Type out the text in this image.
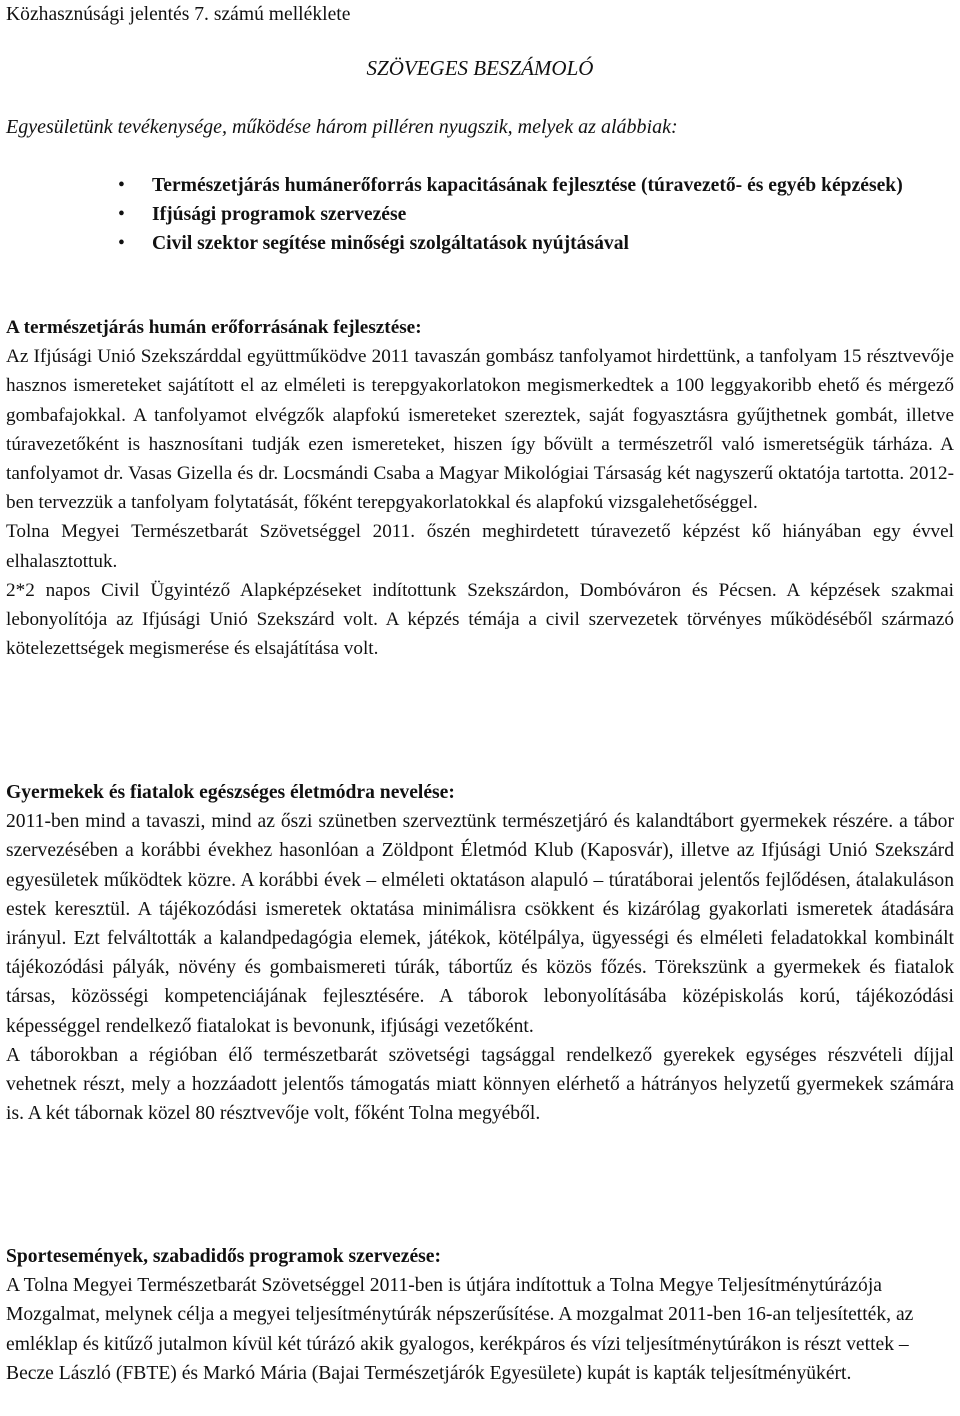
Közhasznúsági jelentés 7. számú melléklete
SZÖVEGES BESZÁMOLÓ
Egyesületünk tevékenysége, működése három pilléren nyugszik, melyek az alábbiak:
• Természetjárás humánerőforrás kapacitásának fejlesztése (túravezető- és egyéb képzések)
• Ifjúsági programok szervezése
• Civil szektor segítése minőségi szolgáltatások nyújtásával
A természetjárás humán erőforrásának fejlesztése:

Az Ifjúsági Unió Szekszárddal együttműködve 2011 tavaszán gombász tanfolyamot hirdettünk, a tanfolyam 15 résztvevője hasznos ismereteket sajátított el az elméleti is terepgyakorlatokon megismerkedtek a 100 leggyakoribb ehető és mérgező gombafajokkal. A tanfolyamot elvégzők alapfokú ismereteket szereztek, saját fogyasztásra gyűjthetnek gombát, illetve túravezetőként is hasznosítani tudják ezen ismereteket, hiszen így bővült a természetről való ismeretségük tárháza. A tanfolyamot dr. Vasas Gizella és dr. Locsmándi Csaba a Magyar Mikológiai Társaság két nagyszerű oktatója tartotta. 2012-ben tervezzük a tanfolyam folytatását, főként terepgyakorlatokkal és alapfokú vizsgalehetőséggel.

Tolna Megyei Természetbarát Szövetséggel 2011. őszén meghirdetett túravezető képzést kő hiányában egy évvel elhalasztottuk.

2*2 napos Civil Ügyintéző Alapképzéseket indítottunk Szekszárdon, Dombóváron és Pécsen. A képzések szakmai lebonyolítója az Ifjúsági Unió Szekszárd volt. A képzés témája a civil szervezetek törvényes működéséből származó kötelezettségek megismerése és elsajátítása volt.

Gyermekek és fiatalok egészséges életmódra nevelése:

2011-ben mind a tavaszi, mind az őszi szünetben szerveztünk természetjáró és kalandtábort gyermekek részére. a tábor szervezésében a korábbi évekhez hasonlóan a Zöldpont Életmód Klub (Kaposvár), illetve az Ifjúsági Unió Szekszárd egyesületek működtek közre. A korábbi évek – elméleti oktatáson alapuló – túratáborai jelentős fejlődésen, átalakuláson estek keresztül. A tájékozódási ismeretek oktatása minimálisra csökkent és kizárólag gyakorlati ismeretek átadására irányul. Ezt felváltották a kalandpedagógia elemek, játékok, kötélpálya, ügyességi és elméleti feladatokkal kombinált tájékozódási pályák, növény és gombaismereti túrák, tábortűz és közös főzés. Törekszünk a gyermekek és fiatalok társas, közösségi kompetenciájának fejlesztésére. A táborok lebonyolításába középiskolás korú, tájékozódási képességgel rendelkező fiatalokat is bevonunk, ifjúsági vezetőként.

A táborokban a régióban élő természetbarát szövetségi tagsággal rendelkező gyerekek egységes részvételi díjjal vehetnek részt, mely a hozzáadott jelentős támogatás miatt könnyen elérhető a hátrányos helyzetű gyermekek számára is. A két tábornak közel 80 résztvevője volt, főként Tolna megyéből.

Sportesemények, szabadidős programok szervezése:

A Tolna Megyei Természetbarát Szövetséggel 2011-ben is útjára indítottuk a Tolna Megye Teljesítménytúrázója Mozgalmat, melynek célja a megyei teljesítménytúrák népszerűsítése. A mozgalmat 2011-ben 16-an teljesítették, az emléklap és kitűző jutalmon kívül két túrázó akik gyalogos, kerékpáros és vízi teljesítménytúrákon is részt vettek – Becze László (FBTE) és Markó Mária (Bajai Természetjárók Egyesülete) kupát is kapták teljesítményükért.
